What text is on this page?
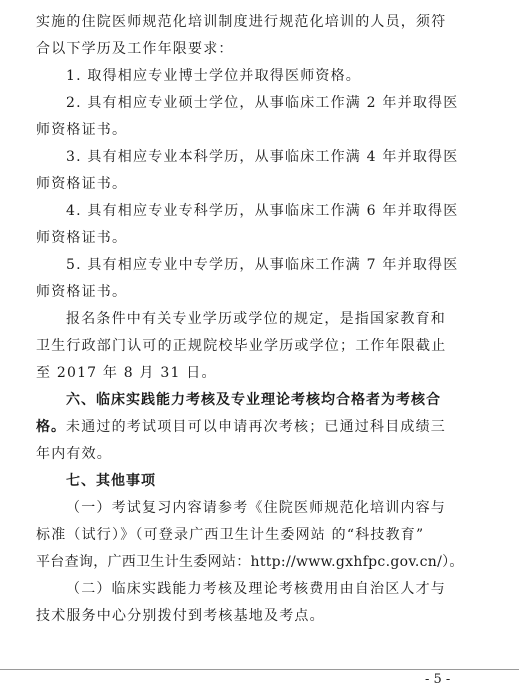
实施的住院医师规范化培训制度进行规范化培训的人员，须符
合以下学历及工作年限要求：
1. 取得相应专业博士学位并取得医师资格。
2. 具有相应专业硕士学位，从事临床工作满 2 年并取得医
师资格证书。
3. 具有相应专业本科学历，从事临床工作满 4 年并取得医
师资格证书。
4. 具有相应专业专科学历，从事临床工作满 6 年并取得医
师资格证书。
5. 具有相应专业中专学历，从事临床工作满 7 年并取得医
师资格证书。
报名条件中有关专业学历或学位的规定，是指国家教育和
卫生行政部门认可的正规院校毕业学历或学位；工作年限截止
至 2017 年 8 月 31 日。
六、临床实践能力考核及专业理论考核均合格者为考核合
格。 未通过的考试项目可以申请再次考核；已通过科目成绩三
年内有效。
七、其他事项
（一）考试复习内容请参考《住院医师规范化培训内容与
标准（试行）》（可登录广西卫生计生委网站 的“科技教育”
平台查询，广西卫生计生委网站：http://www.gxhfpc.gov.cn/）。
（二）临床实践能力考核及理论考核费用由自治区人才与
技术服务中心分别拨付到考核基地及考点。
- 5 -
